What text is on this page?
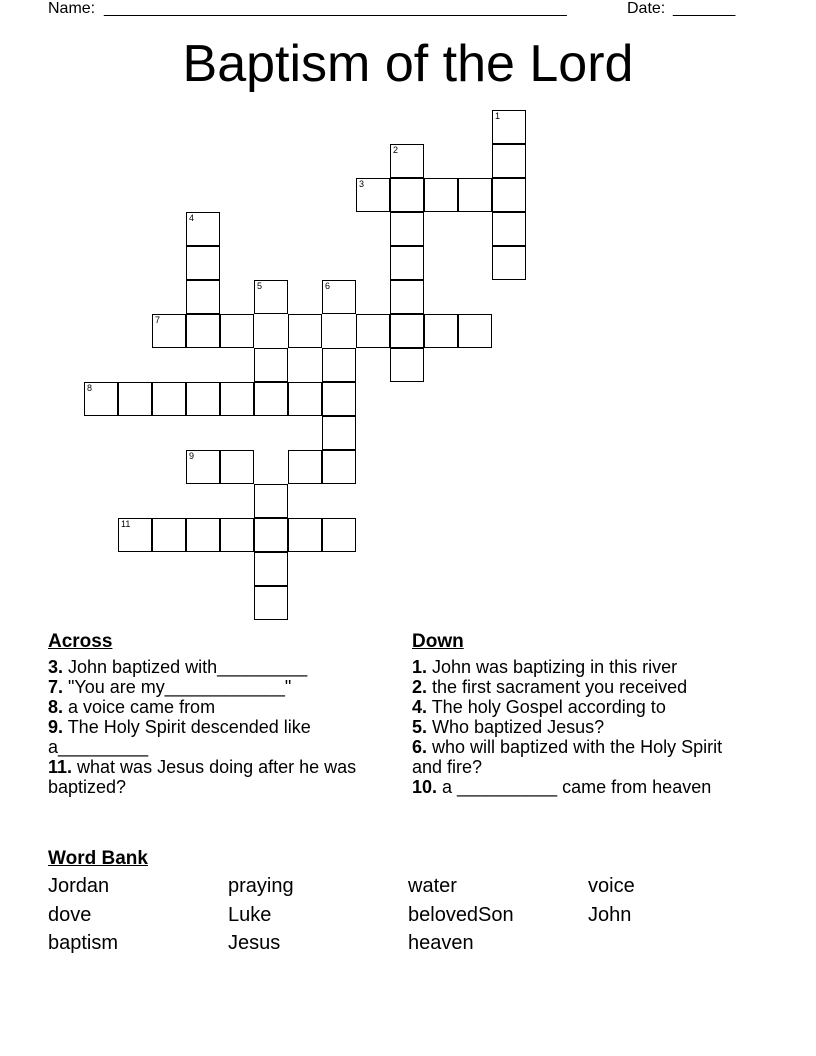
Name: ____________________________________________________	Date: _______
Baptism of the Lord
1
2
3
4
5	6
7
8
9
11
Across
3. John baptized with_________
7. "You are my____________"
8. a voice came from
9. The Holy Spirit descended like a_________
11. what was Jesus doing after he was baptized?
Down
1. John was baptizing in this river
2. the first sacrament you received
4. The holy Gospel according to
5. Who baptized Jesus?
6. who will baptized with the Holy Spirit and fire?
10. a __________ came from heaven
Word Bank
Jordan	praying	water	voice
dove	Luke	belovedSon	John
baptism	Jesus	heaven
